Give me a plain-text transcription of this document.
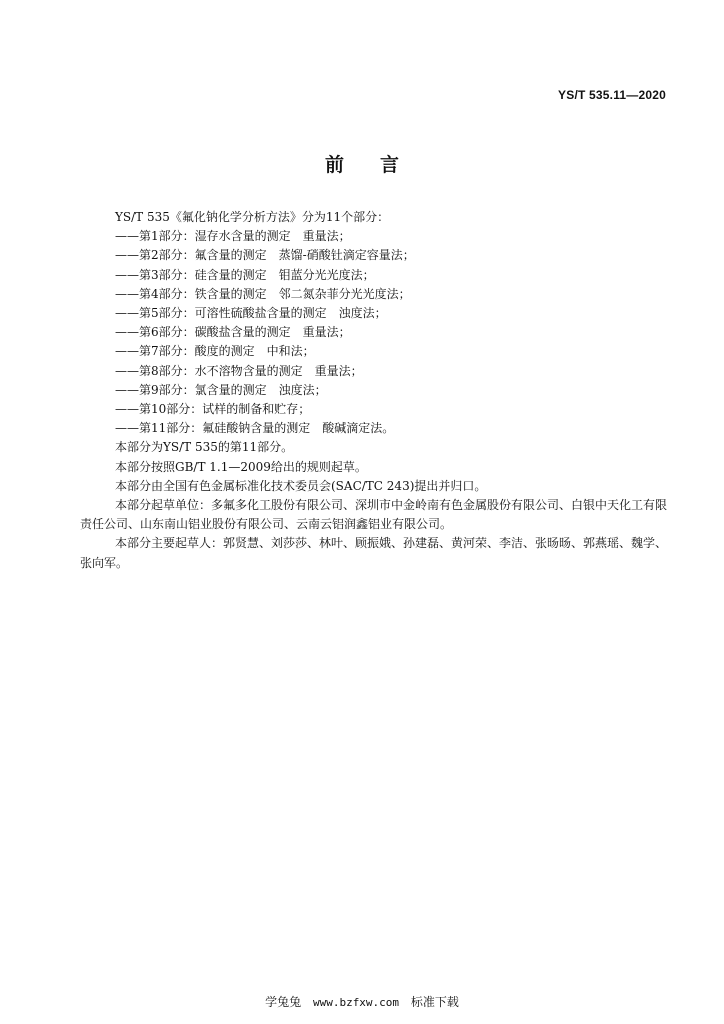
YS/T 535.11—2020
前言

YS/T 535《氟化钠化学分析方法》分为11个部分：

——第1部分：湿存水含量的测定　重量法；

——第2部分：氟含量的测定　蒸馏-硝酸钍滴定容量法；

——第3部分：硅含量的测定　钼蓝分光光度法；

——第4部分：铁含量的测定　邻二氮杂菲分光光度法；

——第5部分：可溶性硫酸盐含量的测定　浊度法；

——第6部分：碳酸盐含量的测定　重量法；

——第7部分：酸度的测定　中和法；

——第8部分：水不溶物含量的测定　重量法；

——第9部分：氯含量的测定　浊度法；

——第10部分：试样的制备和贮存；

——第11部分：氟硅酸钠含量的测定　酸碱滴定法。

本部分为YS/T 535的第11部分。

本部分按照GB/T 1.1—2009给出的规则起草。

本部分由全国有色金属标准化技术委员会(SAC/TC 243)提出并归口。

本部分起草单位：多氟多化工股份有限公司、深圳市中金岭南有色金属股份有限公司、白银中天化工有限责任公司、山东南山铝业股份有限公司、云南云铝润鑫铝业有限公司。

本部分主要起草人：郭贤慧、刘莎莎、林叶、顾振娥、孙建磊、黄河荣、李洁、张旸旸、郭燕瑶、魏学、张向军。

学兔兔 www.bzfxw.com 标准下载
